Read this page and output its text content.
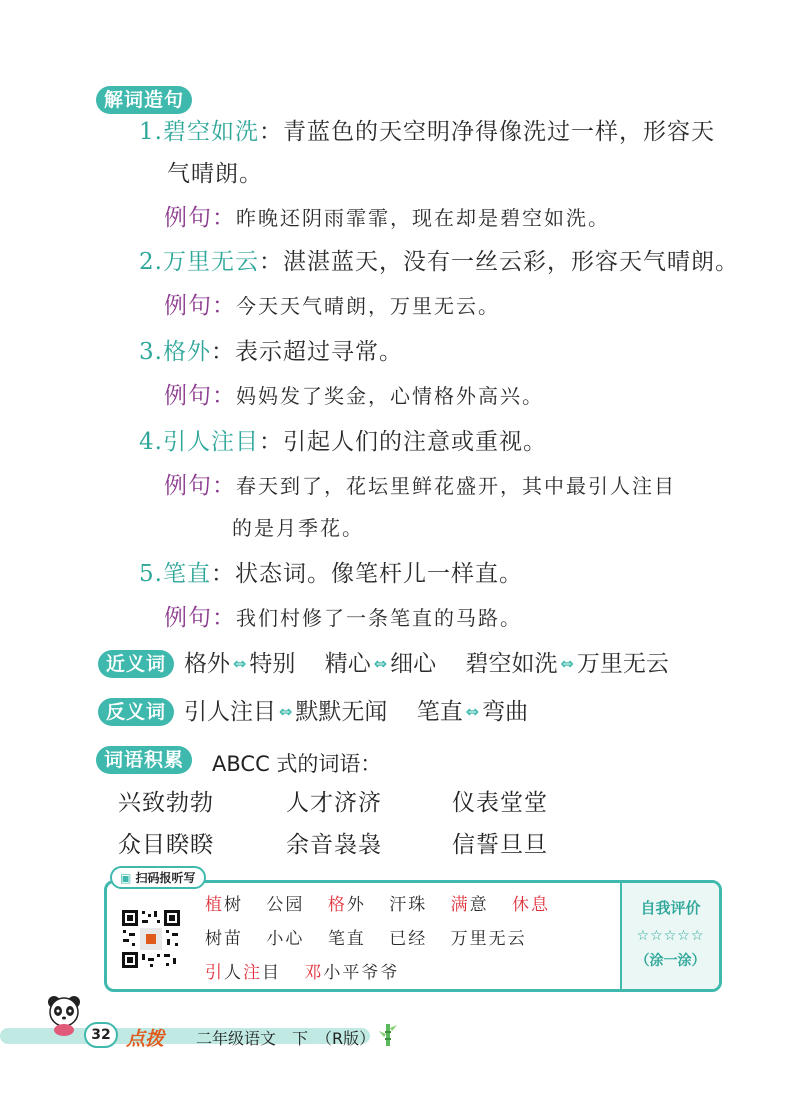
解词造句
1.碧空如洗：青蓝色的天空明净得像洗过一样，形容天
气晴朗。
例句：昨晚还阴雨霏霏，现在却是碧空如洗。
2.万里无云：湛湛蓝天，没有一丝云彩，形容天气晴朗。
例句：今天天气晴朗，万里无云。
3.格外：表示超过寻常。
例句：妈妈发了奖金，心情格外高兴。
4.引人注目：引起人们的注意或重视。
例句：春天到了，花坛里鲜花盛开，其中最引人注目
的是月季花。
5.笔直：状态词。像笔杆儿一样直。
例句：我们村修了一条笔直的马路。
近义词 格外 ⇔ 特别 精心 ⇔ 细心 碧空如洗 ⇔ 万里无云
反义词 引人注目 ⇔ 默默无闻 笔直 ⇔ 弯曲
词语积累	ABCC 式的词语：
兴致勃勃	人才济济	仪表堂堂
众目睽睽	余音袅袅	信誓旦旦
▣ 扫码报听写
植树 公园 格外 汗珠 满意 休息
树苗 小心 笔直 已经 万里无云
引人注目 邓小平爷爷
自我评价
☆☆☆☆☆
（涂一涂）
32 点拨 二年级语文　下　（R版）
